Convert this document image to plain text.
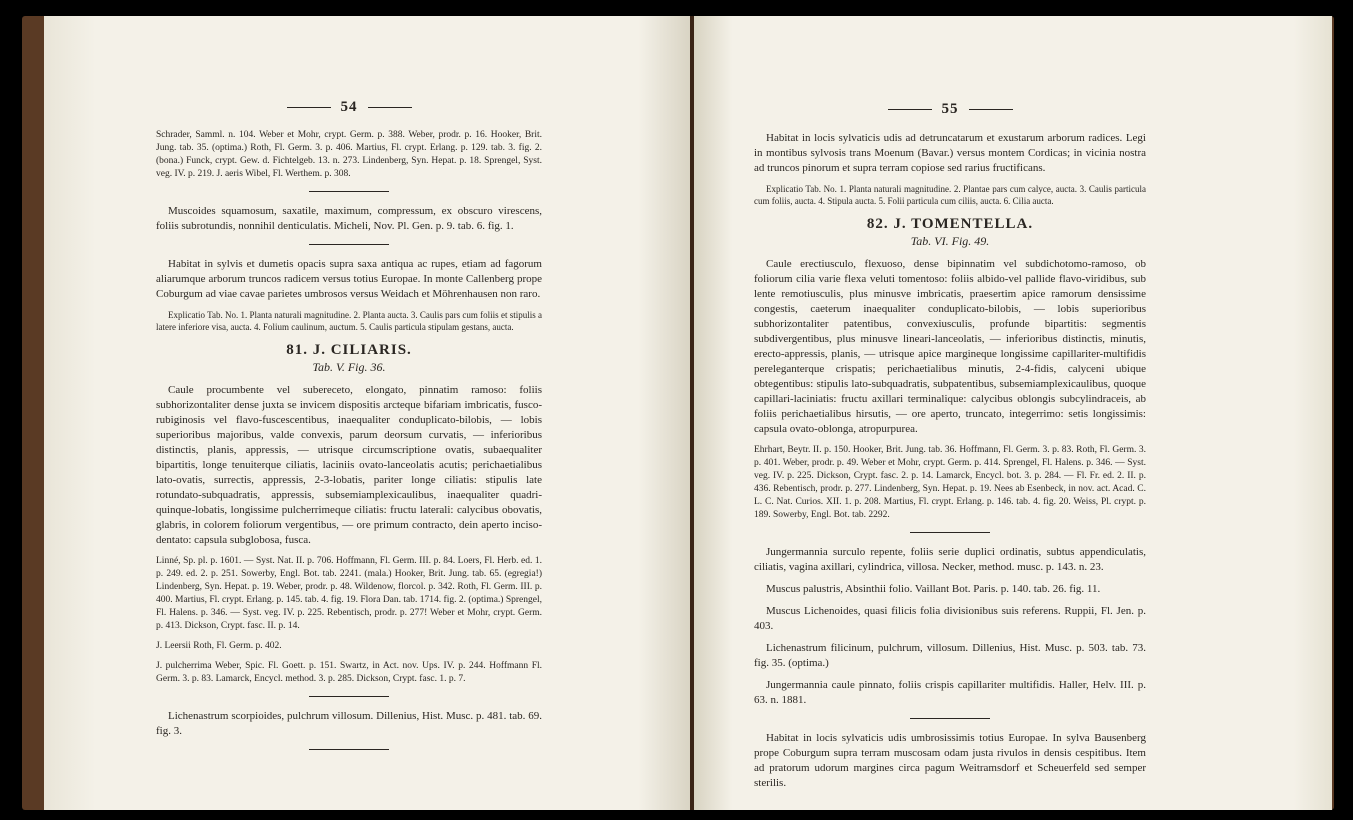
54

Schrader, Samml. n. 104. Weber et Mohr, crypt. Germ. p. 388. Weber, prodr. p. 16. Hooker, Brit. Jung. tab. 35. (optima.) Roth, Fl. Germ. 3. p. 406. Martius, Fl. crypt. Erlang. p. 129. tab. 3. fig. 2. (bona.) Funck, crypt. Gew. d. Fichtelgeb. 13. n. 273. Lindenberg, Syn. Hepat. p. 18. Sprengel, Syst. veg. IV. p. 219. J. aeris Wibel, Fl. Werthem. p. 308.

Muscoides squamosum, saxatile, maximum, compressum, ex obscuro virescens, foliis subrotundis, nonnihil denticulatis. Micheli, Nov. Pl. Gen. p. 9. tab. 6. fig. 1.

Habitat in sylvis et dumetis opacis supra saxa antiqua ac rupes, etiam ad fagorum aliarumque arborum truncos radicem versus totius Europae. In monte Callenberg prope Coburgum ad viae cavae parietes umbrosos versus Weidach et Möhrenhausen non raro.

Explicatio Tab. No. 1. Planta naturali magnitudine. 2. Planta aucta. 3. Caulis pars cum foliis et stipulis a latere inferiore visa, aucta. 4. Folium caulinum, auctum. 5. Caulis particula stipulam gestans, aucta.

81. J. CILIARIS.
Tab. V. Fig. 36.

Caule procumbente vel subereceto, elongato, pinnatim ramoso: foliis subhorizontaliter dense juxta se invicem dispositis arcteque bifariam imbricatis, fusco-rubiginosis vel flavo-fuscescentibus, inaequaliter conduplicato-bilobis, — lobis superioribus majoribus, valde convexis, parum deorsum curvatis, — inferioribus distinctis, planis, appressis, — utrisque circumscriptione ovatis, subaequaliter bipartitis, longe tenuiterque ciliatis, laciniis ovato-lanceolatis acutis; perichaetialibus lato-ovatis, surrectis, appressis, 2-3-lobatis, pariter longe ciliatis: stipulis late rotundato-subquadratis, appressis, subsemiamplexicaulibus, inaequaliter quadri-quinque-lobatis, longissime pulcherrimeque ciliatis: fructu laterali: calycibus obovatis, glabris, in colorem foliorum vergentibus, — ore primum contracto, dein aperto inciso-dentato: capsula subglobosa, fusca.

Linné, Sp. pl. p. 1601. — Syst. Nat. II. p. 706. Hoffmann, Fl. Germ. III. p. 84. Loers, Fl. Herb. ed. 1. p. 249. ed. 2. p. 251. Sowerby, Engl. Bot. tab. 2241. (mala.) Hooker, Brit. Jung. tab. 65. (egregia!) Lindenberg, Syn. Hepat. p. 19. Weber, prodr. p. 48. Wildenow, florcol. p. 342. Roth, Fl. Germ. III. p. 400. Martius, Fl. crypt. Erlang. p. 145. tab. 4. fig. 19. Flora Dan. tab. 1714. fig. 2. (optima.) Sprengel, Fl. Halens. p. 346. — Syst. veg. IV. p. 225. Rebentisch, prodr. p. 277! Weber et Mohr, crypt. Germ. p. 413. Dickson, Crypt. fasc. II. p. 14.

J. Leersii Roth, Fl. Germ. p. 402.

J. pulcherrima Weber, Spic. Fl. Goett. p. 151. Swartz, in Act. nov. Ups. IV. p. 244. Hoffmann Fl. Germ. 3. p. 83. Lamarck, Encycl. method. 3. p. 285. Dickson, Crypt. fasc. 1. p. 7.

Lichenastrum scorpioides, pulchrum villosum. Dillenius, Hist. Musc. p. 481. tab. 69. fig. 3.

55

Habitat in locis sylvaticis udis ad detruncatarum et exustarum arborum radices. Legi in montibus sylvosis trans Moenum (Bavar.) versus montem Cordicas; in vicinia nostra ad truncos pinorum et supra terram copiose sed rarius fructificans.

Explicatio Tab. No. 1. Planta naturali magnitudine. 2. Plantae pars cum calyce, aucta. 3. Caulis particula cum foliis, aucta. 4. Stipula aucta. 5. Folii particula cum ciliis, aucta. 6. Cilia aucta.

82. J. TOMENTELLA.
Tab. VI. Fig. 49.

Caule erectiusculo, flexuoso, dense bipinnatim vel subdichotomo-ramoso, ob foliorum cilia varie flexa veluti tomentoso: foliis albido-vel pallide flavo-viridibus, sub lente remotiusculis, plus minusve imbricatis, praesertim apice ramorum densissime congestis, caeterum inaequaliter conduplicato-bilobis, — lobis superioribus subhorizontaliter patentibus, convexiusculis, profunde bipartitis: segmentis subdivergentibus, plus minusve lineari-lanceolatis, — inferioribus distinctis, minutis, erecto-appressis, planis, — utrisque apice margineque longissime capillariter-multifidis pereleganterque crispatis; perichaetialibus minutis, 2-4-fidis, calyceni ubique obtegentibus: stipulis lato-subquadratis, subpatentibus, subsemiamplexicaulibus, quoque capillari-laciniatis: fructu axillari terminalique: calycibus oblongis subcylindraceis, ab foliis perichaetialibus hirsutis, — ore aperto, truncato, integerrimo: setis longissimis: capsula ovato-oblonga, atropurpurea.

Ehrhart, Beytr. II. p. 150. Hooker, Brit. Jung. tab. 36. Hoffmann, Fl. Germ. 3. p. 83. Roth, Fl. Germ. 3. p. 401. Weber, prodr. p. 49. Weber et Mohr, crypt. Germ. p. 414. Sprengel, Fl. Halens. p. 346. — Syst. veg. IV. p. 225. Dickson, Crypt. fasc. 2. p. 14. Lamarck, Encycl. bot. 3. p. 284. — Fl. Fr. ed. 2. II. p. 436. Rebentisch, prodr. p. 277. Lindenberg, Syn. Hepat. p. 19. Nees ab Esenbeck, in nov. act. Acad. C. L. C. Nat. Curios. XII. 1. p. 208. Martius, Fl. crypt. Erlang. p. 146. tab. 4. fig. 20. Weiss, Pl. crypt. p. 189. Sowerby, Engl. Bot. tab. 2292.

Jungermannia surculo repente, foliis serie duplici ordinatis, subtus appendiculatis, ciliatis, vagina axillari, cylindrica, villosa. Necker, method. musc. p. 143. n. 23.

Muscus palustris, Absinthii folio. Vaillant Bot. Paris. p. 140. tab. 26. fig. 11.

Muscus Lichenoides, quasi filicis folia divisionibus suis referens. Ruppii, Fl. Jen. p. 403.

Lichenastrum filicinum, pulchrum, villosum. Dillenius, Hist. Musc. p. 503. tab. 73. fig. 35. (optima.)

Jungermannia caule pinnato, foliis crispis capillariter multifidis. Haller, Helv. III. p. 63. n. 1881.

Habitat in locis sylvaticis udis umbrosissimis totius Europae. In sylva Bausenberg prope Coburgum supra terram muscosam odam justa rivulos in densis cespitibus. Item ad pratorum udorum margines circa pagum Weitramsdorf et Scheuerfeld sed semper sterilis.
